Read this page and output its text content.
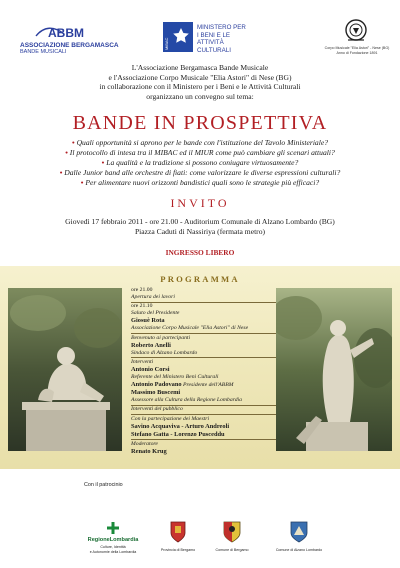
ABBM
ASSOCIAZIONE BERGAMASCA
BANDE MUSICALI
MiBAC
MINISTERO PER I BENI E LE ATTIVITÀ CULTURALI	Corpo Musicale "Elia Astori" - Nese (BG)
Anno di Fondazione 1891
L'Associazione Bergamasca Bande Musicale
e l'Associazione Corpo Musicale "Elia Astori" di Nese (BG)
in collaborazione con il Ministero per i Beni e le Attività Culturali
organizzano un convegno sul tema:
BANDE IN PROSPETTIVA
• Quali opportunità si aprono per le bande con l'istituzione del Tavolo Ministeriale?
• Il protocollo di intesa tra il MIBAC ed il MIUR come può cambiare gli scenari attuali?
• La qualità e la tradizione si possono coniugare virtuosamente?
• Dalle Junior band alle orchestre di fiati: come valorizzare le diverse espressioni culturali?
• Per alimentare nuovi orizzonti bandistici quali sono le strategie più efficaci?
INVITO
Giovedì 17 febbraio 2011 - ore 21.00 - Auditorium Comunale di Alzano Lombardo (BG)
Piazza Caduti di Nassiriya (fermata metro)
INGRESSO LIBERO
PROGRAMMA
ore 21.00
Apertura dei lavori
ore 21.10
Saluto del Presidente
Giosuè Rota
Associazione Corpo Musicale "Elia Astori" di Nese
Benvenuto ai partecipanti
Roberto Anelli
Sindaco di Alzano Lombardo
Interventi
Antonio Corsi
Referente del Ministero Beni Culturali
Antonio Padovano Presidente dell'ABBM
Massimo Buscemi
Assessore alla Cultura della Regione Lombardia
Interventi del pubblico
Con la partecipazione dei Maestri
Savino Acquaviva - Arturo Andreoli
Stefano Gatta - Lorenzo Pusceddu
Moderatore
Renato Krug
Con il patrocinio
RegioneLombardia
Culture, Identità
e Autonomie della Lombardia	Provincia di Bergamo	Comune di Bergamo	Comune di Alzano Lombardo
